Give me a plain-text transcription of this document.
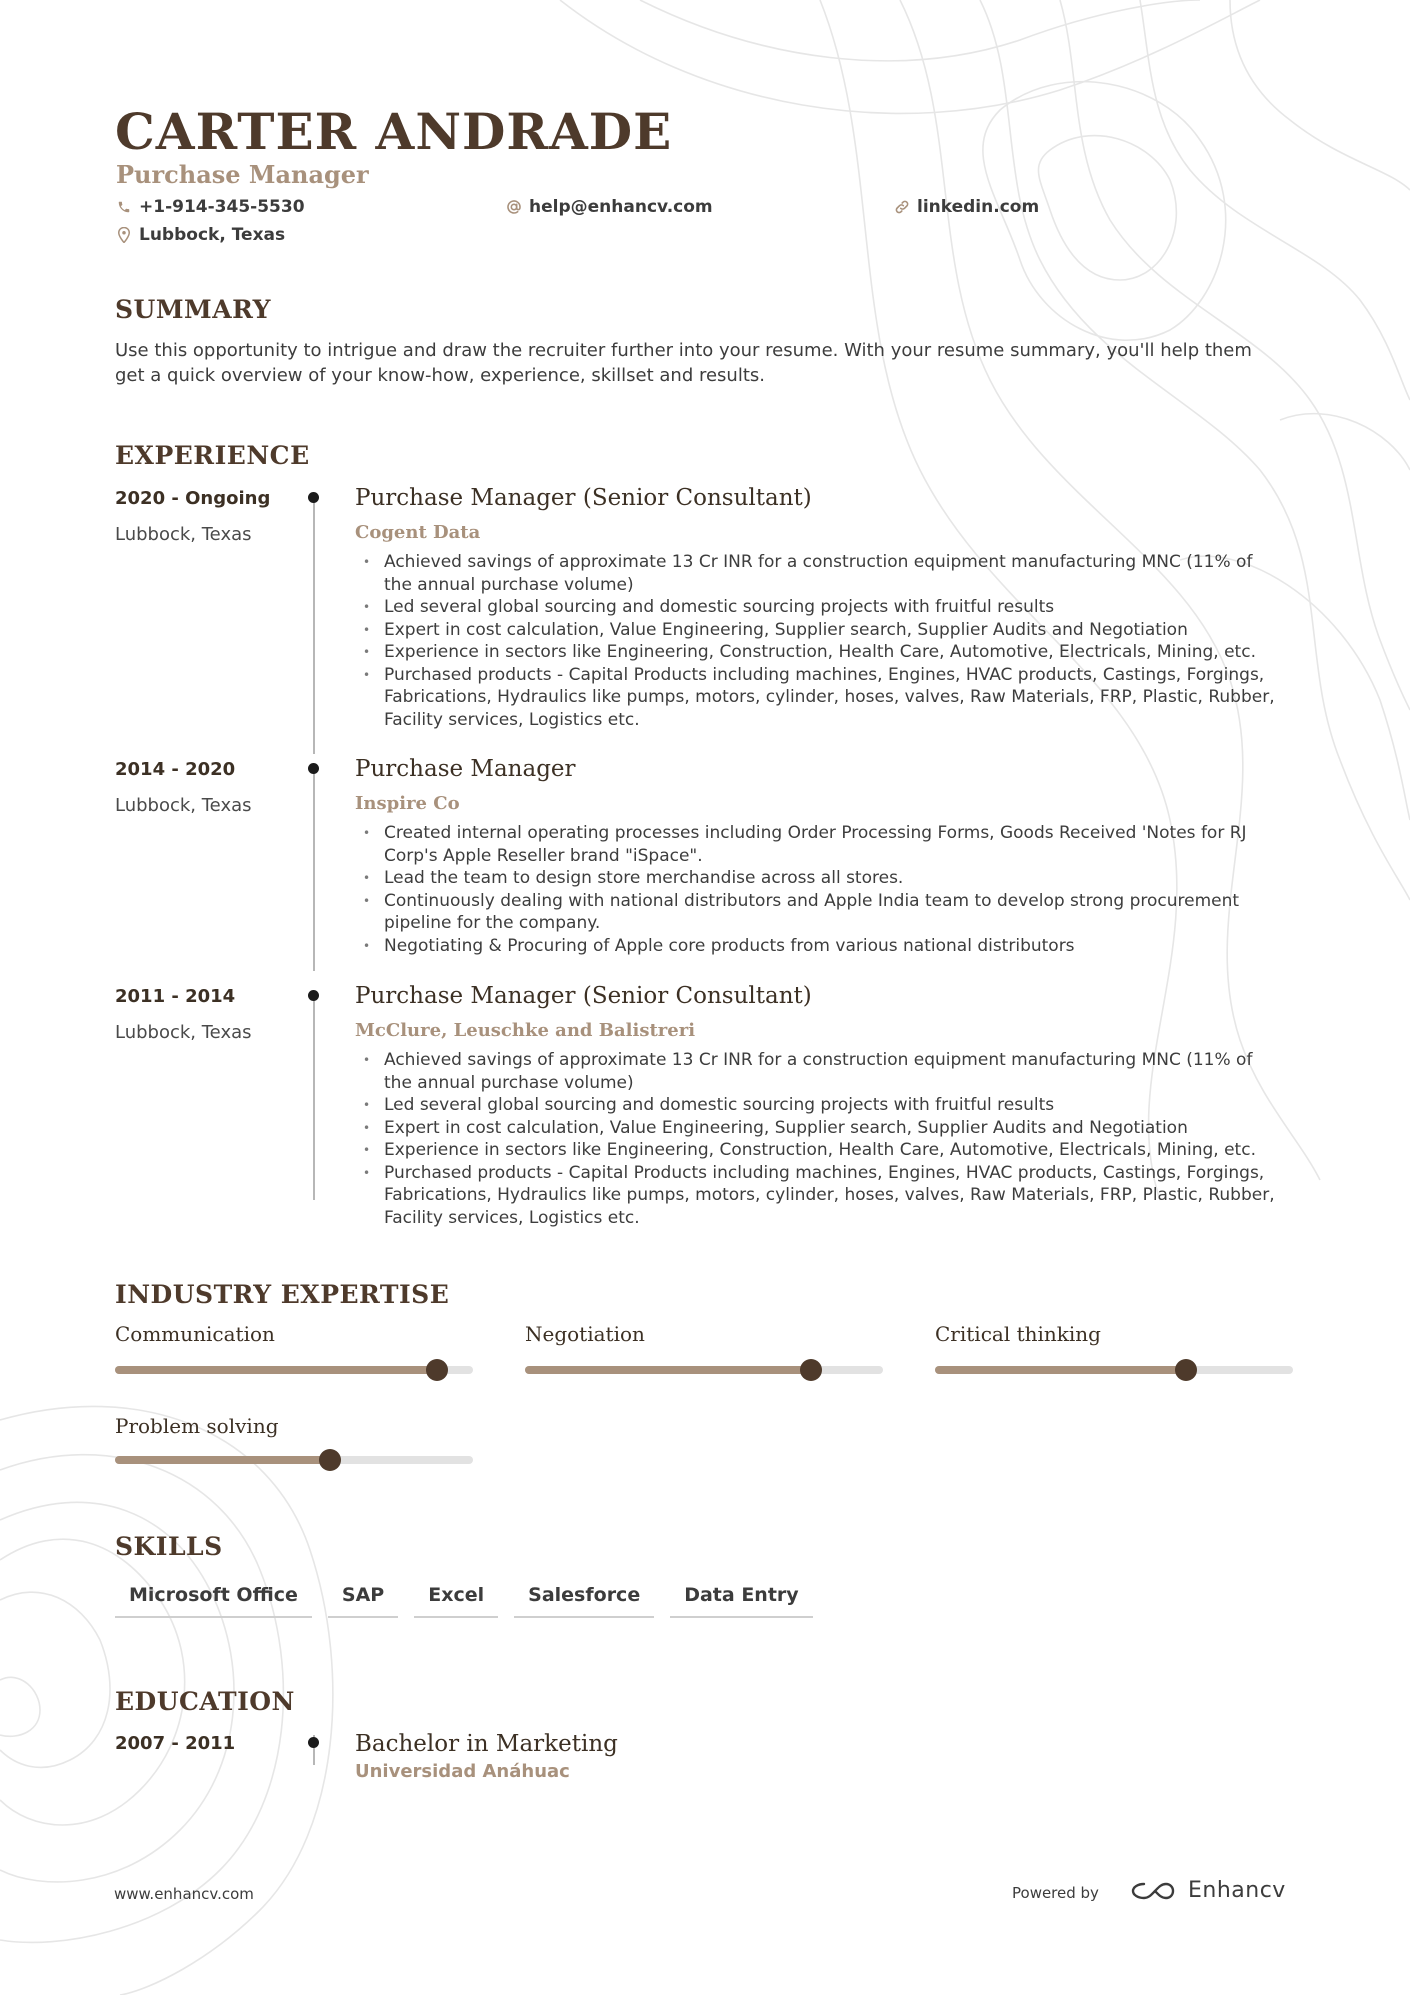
CARTER ANDRADE
Purchase Manager
+1-914-345-5530	help@enhancv.com	linkedin.com
Lubbock, Texas
SUMMARY
Use this opportunity to intrigue and draw the recruiter further into your resume. With your resume summary, you'll help them get a quick overview of your know-how, experience, skillset and results.
EXPERIENCE
2020 - Ongoing
Lubbock, Texas
Purchase Manager (Senior Consultant)
Cogent Data
• Achieved savings of approximate 13 Cr INR for a construction equipment manufacturing MNC (11% of the annual purchase volume)
• Led several global sourcing and domestic sourcing projects with fruitful results
• Expert in cost calculation, Value Engineering, Supplier search, Supplier Audits and Negotiation
• Experience in sectors like Engineering, Construction, Health Care, Automotive, Electricals, Mining, etc.
• Purchased products - Capital Products including machines, Engines, HVAC products, Castings, Forgings, Fabrications, Hydraulics like pumps, motors, cylinder, hoses, valves, Raw Materials, FRP, Plastic, Rubber, Facility services, Logistics etc.
2014 - 2020
Lubbock, Texas
Purchase Manager
Inspire Co
• Created internal operating processes including Order Processing Forms, Goods Received 'Notes for RJ Corp's Apple Reseller brand "iSpace".
• Lead the team to design store merchandise across all stores.
• Continuously dealing with national distributors and Apple India team to develop strong procurement pipeline for the company.
• Negotiating & Procuring of Apple core products from various national distributors
2011 - 2014
Lubbock, Texas
Purchase Manager (Senior Consultant)
McClure, Leuschke and Balistreri
• Achieved savings of approximate 13 Cr INR for a construction equipment manufacturing MNC (11% of the annual purchase volume)
• Led several global sourcing and domestic sourcing projects with fruitful results
• Expert in cost calculation, Value Engineering, Supplier search, Supplier Audits and Negotiation
• Experience in sectors like Engineering, Construction, Health Care, Automotive, Electricals, Mining, etc.
• Purchased products - Capital Products including machines, Engines, HVAC products, Castings, Forgings, Fabrications, Hydraulics like pumps, motors, cylinder, hoses, valves, Raw Materials, FRP, Plastic, Rubber, Facility services, Logistics etc.
INDUSTRY EXPERTISE
Communication	Negotiation	Critical thinking
Problem solving
SKILLS
Microsoft Office	SAP	Excel	Salesforce	Data Entry
EDUCATION
2007 - 2011	Bachelor in Marketing
Universidad Anáhuac
www.enhancv.com	Powered by	Enhancv
